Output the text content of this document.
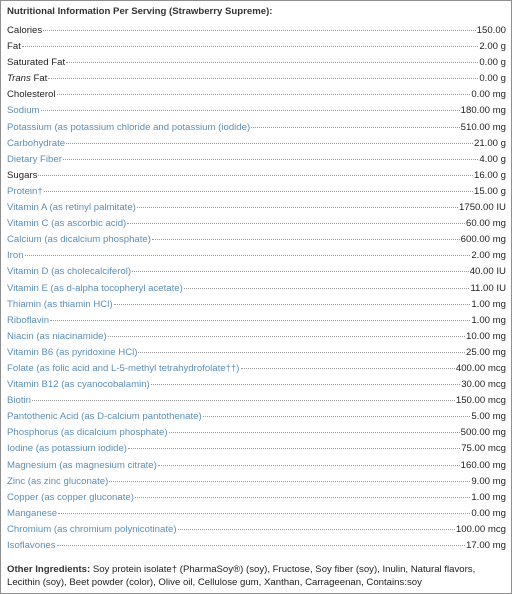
Nutritional Information Per Serving (Strawberry Supreme):
Calories	150.00
Fat	2.00 g
Saturated Fat	0.00 g
Trans Fat	0.00 g
Cholesterol	0.00 mg
Sodium	180.00 mg
Potassium (as potassium chloride and potassium (iodide)	510.00 mg
Carbohydrate	21.00 g
Dietary Fiber	4.00 g
Sugars	16.00 g
Protein†	15.00 g
Vitamin A (as retinyl palmitate)	1750.00 IU
Vitamin C (as ascorbic acid)	60.00 mg
Calcium (as dicalcium phosphate)	600.00 mg
Iron	2.00 mg
Vitamin D (as cholecalciferol)	40.00 IU
Vitamin E (as d-alpha tocopheryl acetate)	11.00 IU
Thiamin (as thiamin HCl)	1.00 mg
Riboflavin	1.00 mg
Niacin (as niacinamide)	10.00 mg
Vitamin B6 (as pyridoxine HCl)	25.00 mg
Folate (as folic acid and L-5-methyl tetrahydrofolate††)	400.00 mcg
Vitamin B12 (as cyanocobalamin)	30.00 mcg
Biotin	150.00 mcg
Pantothenic Acid (as D-calcium pantothenate)	5.00 mg
Phosphorus (as dicalcium phosphate)	500.00 mg
Iodine (as potassium iodide)	75.00 mcg
Magnesium (as magnesium citrate)	160.00 mg
Zinc (as zinc gluconate)	9.00 mg
Copper (as copper gluconate)	1.00 mg
Manganese	0.00 mg
Chromium (as chromium polynicotinate)	100.00 mcg
Isoflavones	17.00 mg
Other Ingredients: Soy protein isolate† (PharmaSoy®) (soy), Fructose, Soy fiber (soy), Inulin, Natural flavors, Lecithin (soy), Beet powder (color), Olive oil, Cellulose gum, Xanthan, Carrageenan, Contains:soy
